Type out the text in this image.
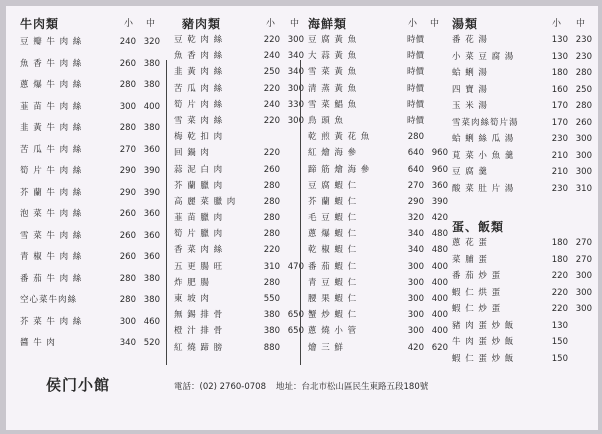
牛肉類	小 中
豆 瓣 牛 肉 絲	240 320
魚 香 牛 肉 絲	260 380
蔥 爆 牛 肉 絲	280 380
韮 苗 牛 肉 絲	300 400
韭 黃 牛 肉 絲	280 380
苦 瓜 牛 肉 絲	270 360
筍 片 牛 肉 絲	290 390
芥 蘭 牛 肉 絲	290 390
泡 菜 牛 肉 絲	260 360
雪 菜 牛 肉 絲	260 360
青 椒 牛 肉 絲	260 360
番 茄 牛 肉 絲	280 380
空心菜牛肉絲	280 380
芥 菜 牛 肉 絲	300 460
醬 牛 肉	340 520
豬肉類	小 中
豆 乾 肉 絲	220 300
魚 香 肉 絲	240 340
韭 黃 肉 絲	250 340
苦 瓜 肉 絲	220 300
筍 片 肉 絲	240 330
雪 菜 肉 絲	220 300
梅 乾 扣 肉
回 鍋 肉	220
蒜 泥 白 肉	260
芥 蘭 臘 肉	280
高 麗 菜 臘 肉	280
韮 苗 臘 肉	280
筍 片 臘 肉	280
香 菜 肉 絲	220
五 更 腸 旺	310 470
炸 肥 腸	280
東 坡 肉	550
無 錫 排 骨	380 650
橙 汁 排 骨	380 650
紅 燒 蹄 膀	880
海鮮類	小 中
豆 腐 黃 魚	時價
大 蒜 黃 魚	時價
雪 菜 黃 魚	時價
清 蒸 黃 魚	時價
雪 菜 鯧 魚	時價
鳥 頭 魚	時價
乾 煎 黃 花 魚	280
紅 燴 海 參	640 960
蹄 筋 燴 海 參	640 960
豆 腐 蝦 仁	270 360
芥 蘭 蝦 仁	290 390
毛 豆 蝦 仁	320 420
蔥 爆 蝦 仁	340 480
乾 椒 蝦 仁	340 480
番 茄 蝦 仁	300 400
青 豆 蝦 仁	300 400
腰 果 蝦 仁	300 400
蟹 炒 蝦 仁	300 400
蔥 燒 小 管	300 400
燴 三 鮮	420 620
湯類	小 中
番 花 湯	130 230
小 菜 豆 腐 湯	130 230
蛤 蜊 湯	180 280
四 寶 湯	160 250
玉 米 湯	170 280
雪菜肉絲筍片湯	170 260
蛤 蜊 絲 瓜 湯	230 300
莧 菜 小 魚 羹	210 300
豆 腐 羹	210 300
酸 菜 肚 片 湯	230 310
蛋、飯類
蔥 花 蛋	180 270
菜 脯 蛋	180 270
番 茄 炒 蛋	220 300
蝦 仁 烘 蛋	220 300
蝦 仁 炒 蛋	220 300
豬 肉 蛋 炒 飯	130
牛 肉 蛋 炒 飯	150
蝦 仁 蛋 炒 飯	150
侯门小館	電話：(02) 2760-0708 地址：台北市松山區民生東路五段180號
